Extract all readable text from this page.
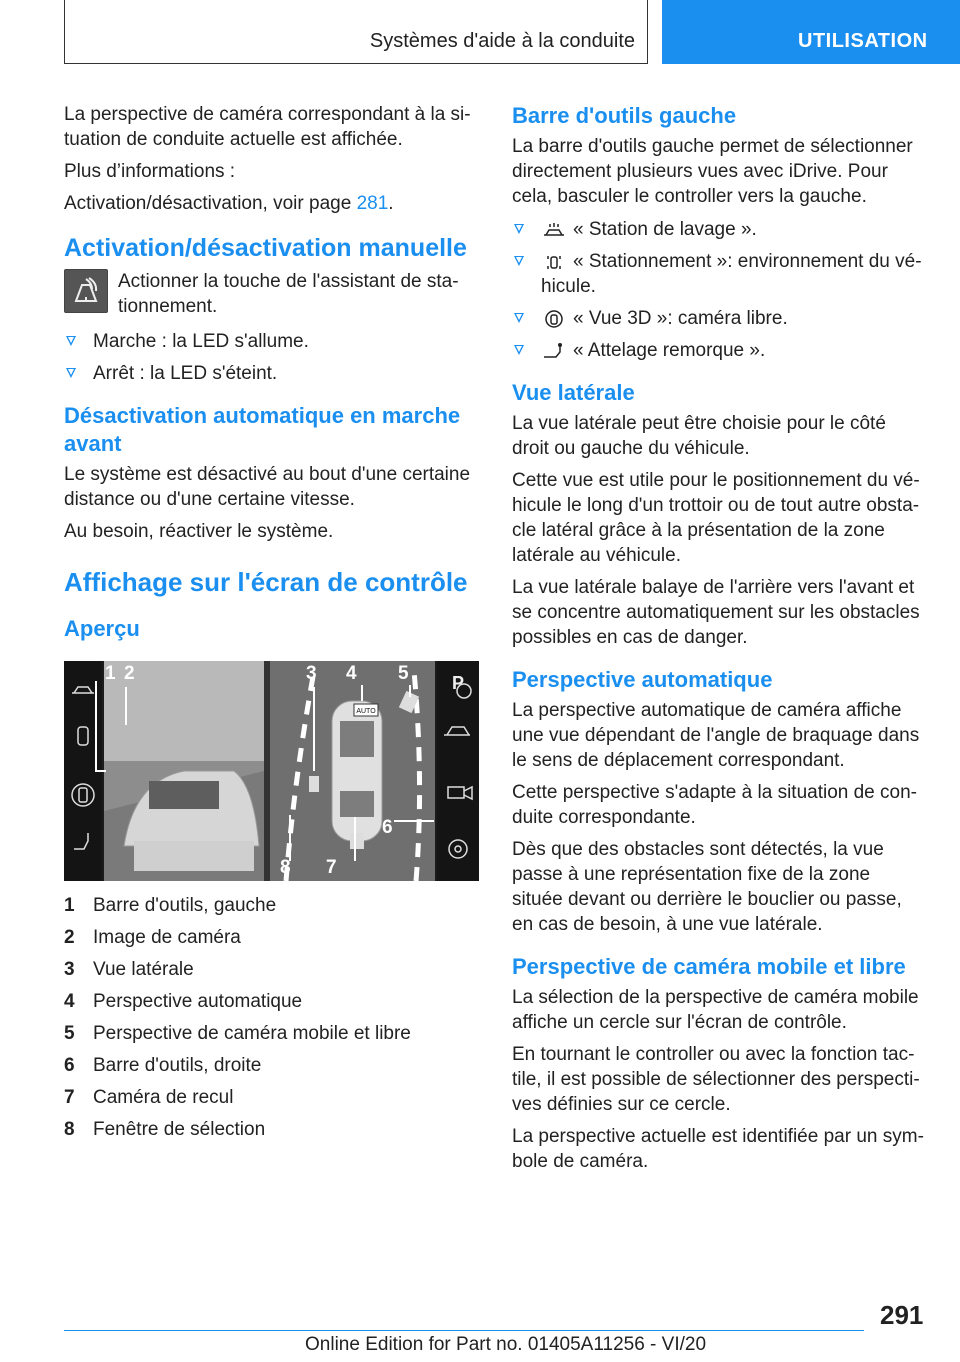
Systèmes d'aide à la conduite	UTILISATION

La perspective de caméra correspondant à la situation de conduite actuelle est affichée.

Plus d’informations :

Activation/désactivation, voir page 281.

Activation/désactivation manuelle
Actionner la touche de l'assistant de stationnement.
Marche : la LED s'allume.
Arrêt : la LED s'éteint.
Désactivation automatique en marche avant

Le système est désactivé au bout d'une certaine distance ou d'une certaine vitesse.

Au besoin, réactiver le système.

Affichage sur l'écran de contrôle
Aperçu
AUTO
P
1 2	3 4 5
6
7
8
1 Barre d'outils, gauche
2 Image de caméra
3 Vue latérale
4 Perspective automatique
5 Perspective de caméra mobile et libre
6 Barre d'outils, droite
7 Caméra de recul
8 Fenêtre de sélection
Barre d'outils gauche

La barre d'outils gauche permet de sélectionner directement plusieurs vues avec iDrive. Pour cela, basculer le controller vers la gauche.

« Station de lavage ».
« Stationnement »: environnement du véhicule.
« Vue 3D »: caméra libre.
« Attelage remorque ».
Vue latérale

La vue latérale peut être choisie pour le côté droit ou gauche du véhicule.

Cette vue est utile pour le positionnement du véhicule le long d'un trottoir ou de tout autre obstacle latéral grâce à la présentation de la zone latérale au véhicule.

La vue latérale balaye de l'arrière vers l'avant et se concentre automatiquement sur les obstacles possibles en cas de danger.

Perspective automatique

La perspective automatique de caméra affiche une vue dépendant de l'angle de braquage dans le sens de déplacement correspondant.

Cette perspective s'adapte à la situation de conduite correspondante.

Dès que des obstacles sont détectés, la vue passe à une représentation fixe de la zone située devant ou derrière le bouclier ou passe, en cas de besoin, à une vue latérale.

Perspective de caméra mobile et libre

La sélection de la perspective de caméra mobile affiche un cercle sur l'écran de contrôle.

En tournant le controller ou avec la fonction tactile, il est possible de sélectionner des perspectives définies sur ce cercle.

La perspective actuelle est identifiée par un symbole de caméra.

291
Online Edition for Part no. 01405A11256 - VI/20
